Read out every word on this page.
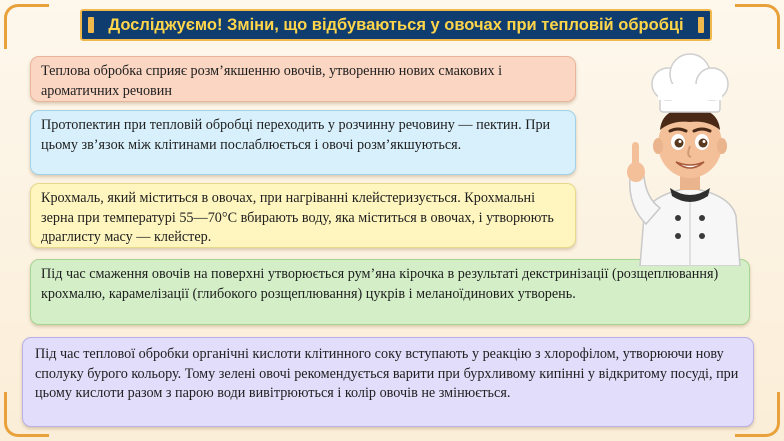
Досліджуємо! Зміни, що відбуваються у овочах при тепловій обробці
Теплова обробка сприяє розм’якшенню овочів, утворенню нових смакових і ароматичних речовин
Протопектин при тепловій обробці переходить у розчинну речовину — пектин. При цьому зв’язок між клітинами послаблюється і овочі розм’якшуються.
Крохмаль, який міститься в овочах, при нагріванні клейстеризується. Крохмальні зерна при температурі 55—70°С вбирають воду, яка міститься в овочах, і утворюють драглисту масу — клейстер.
Під час смаження овочів на поверхні утворюється рум’яна кірочка в результаті декстринізації (розщеплювання) крохмалю, карамелізації (глибокого розщеплювання) цукрів і меланоїдинових утворень.
Під час теплової обробки органічні кислоти клітинного соку вступають у реакцію з хлорофілом, утворюючи нову сполуку бурого кольору. Тому зелені овочі рекомендується варити при бурхливому кипінні у відкритому посуді, при цьому кислоти разом з парою води вивітрюються і колір овочів не змінюється.
